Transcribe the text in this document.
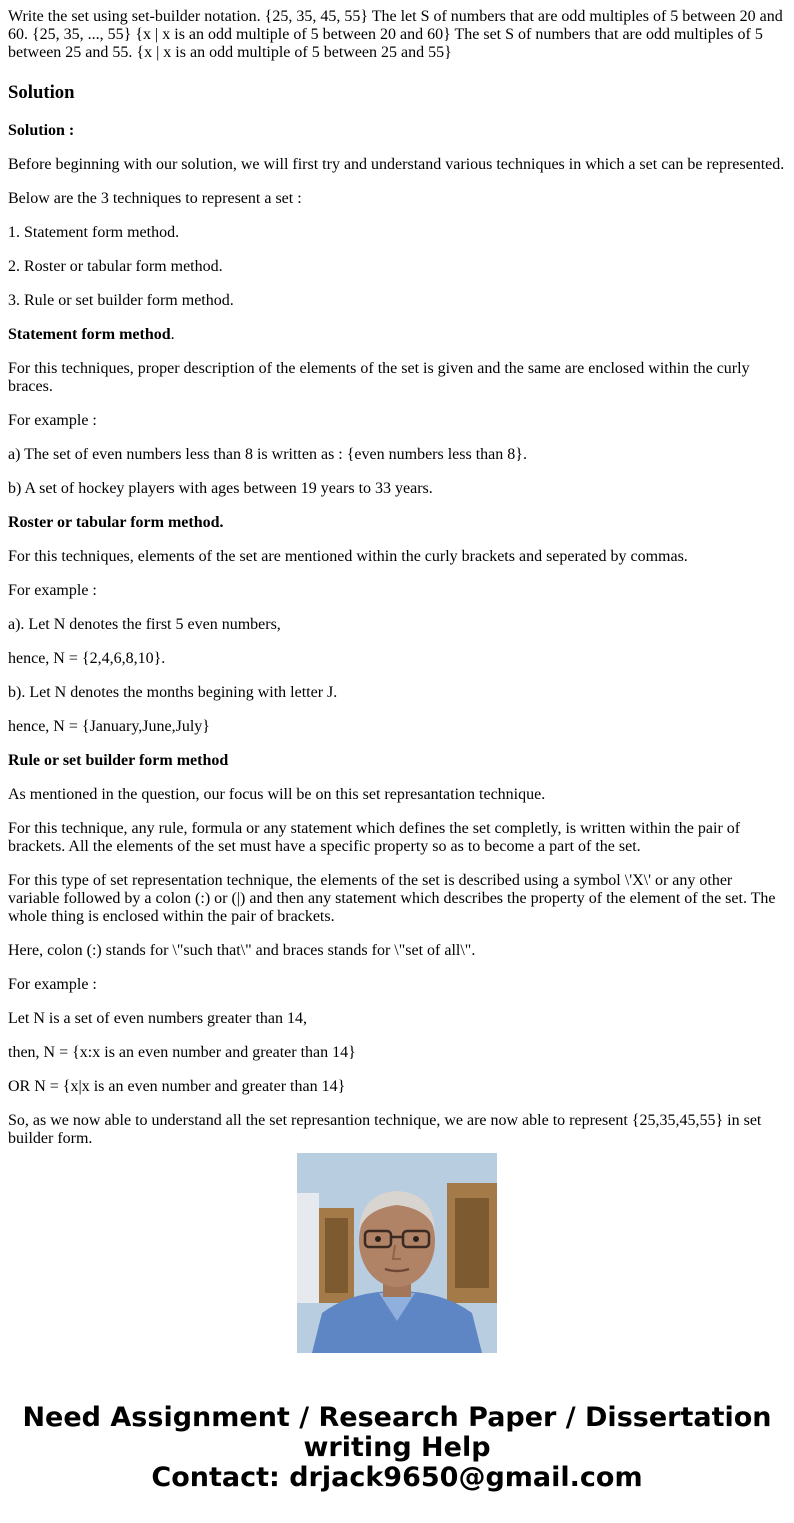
Write the set using set-builder notation. {25, 35, 45, 55} The let S of numbers that are odd multiples of 5 between 20 and 60. {25, 35, ..., 55} {x | x is an odd multiple of 5 between 20 and 60} The set S of numbers that are odd multiples of 5 between 25 and 55. {x | x is an odd multiple of 5 between 25 and 55}
Solution

Solution :

Before beginning with our solution, we will first try and understand various techniques in which a set can be represented.

Below are the 3 techniques to represent a set :

1. Statement form method.

2. Roster or tabular form method.

3. Rule or set builder form method.

Statement form method.

For this techniques, proper description of the elements of the set is given and the same are enclosed within the curly braces.

For example :

a) The set of even numbers less than 8 is written as : {even numbers less than 8}.

b) A set of hockey players with ages between 19 years to 33 years.

Roster or tabular form method.

For this techniques, elements of the set are mentioned within the curly brackets and seperated by commas.

For example :

a). Let N denotes the first 5 even numbers,

hence, N = {2,4,6,8,10}.

b). Let N denotes the months begining with letter J.

hence, N = {January,June,July}

Rule or set builder form method

As mentioned in the question, our focus will be on this set represantation technique.

For this technique, any rule, formula or any statement which defines the set completly, is written within the pair of brackets. All the elements of the set must have a specific property so as to become a part of the set.

For this type of set representation technique, the elements of the set is described using a symbol \'X\' or any other variable followed by a colon (:) or (|) and then any statement which describes the property of the element of the set. The whole thing is enclosed within the pair of brackets.

Here, colon (:) stands for \"such that\" and braces stands for \"set of all\".

For example :

Let N is a set of even numbers greater than 14,

then, N = {x:x is an even number and greater than 14}

OR N = {x|x is an even number and greater than 14}

So, as we now able to understand all the set represantion technique, we are now able to represent {25,35,45,55} in set builder form.

Need Assignment / Research Paper / Dissertation
writing Help
Contact: drjack9650@gmail.com
